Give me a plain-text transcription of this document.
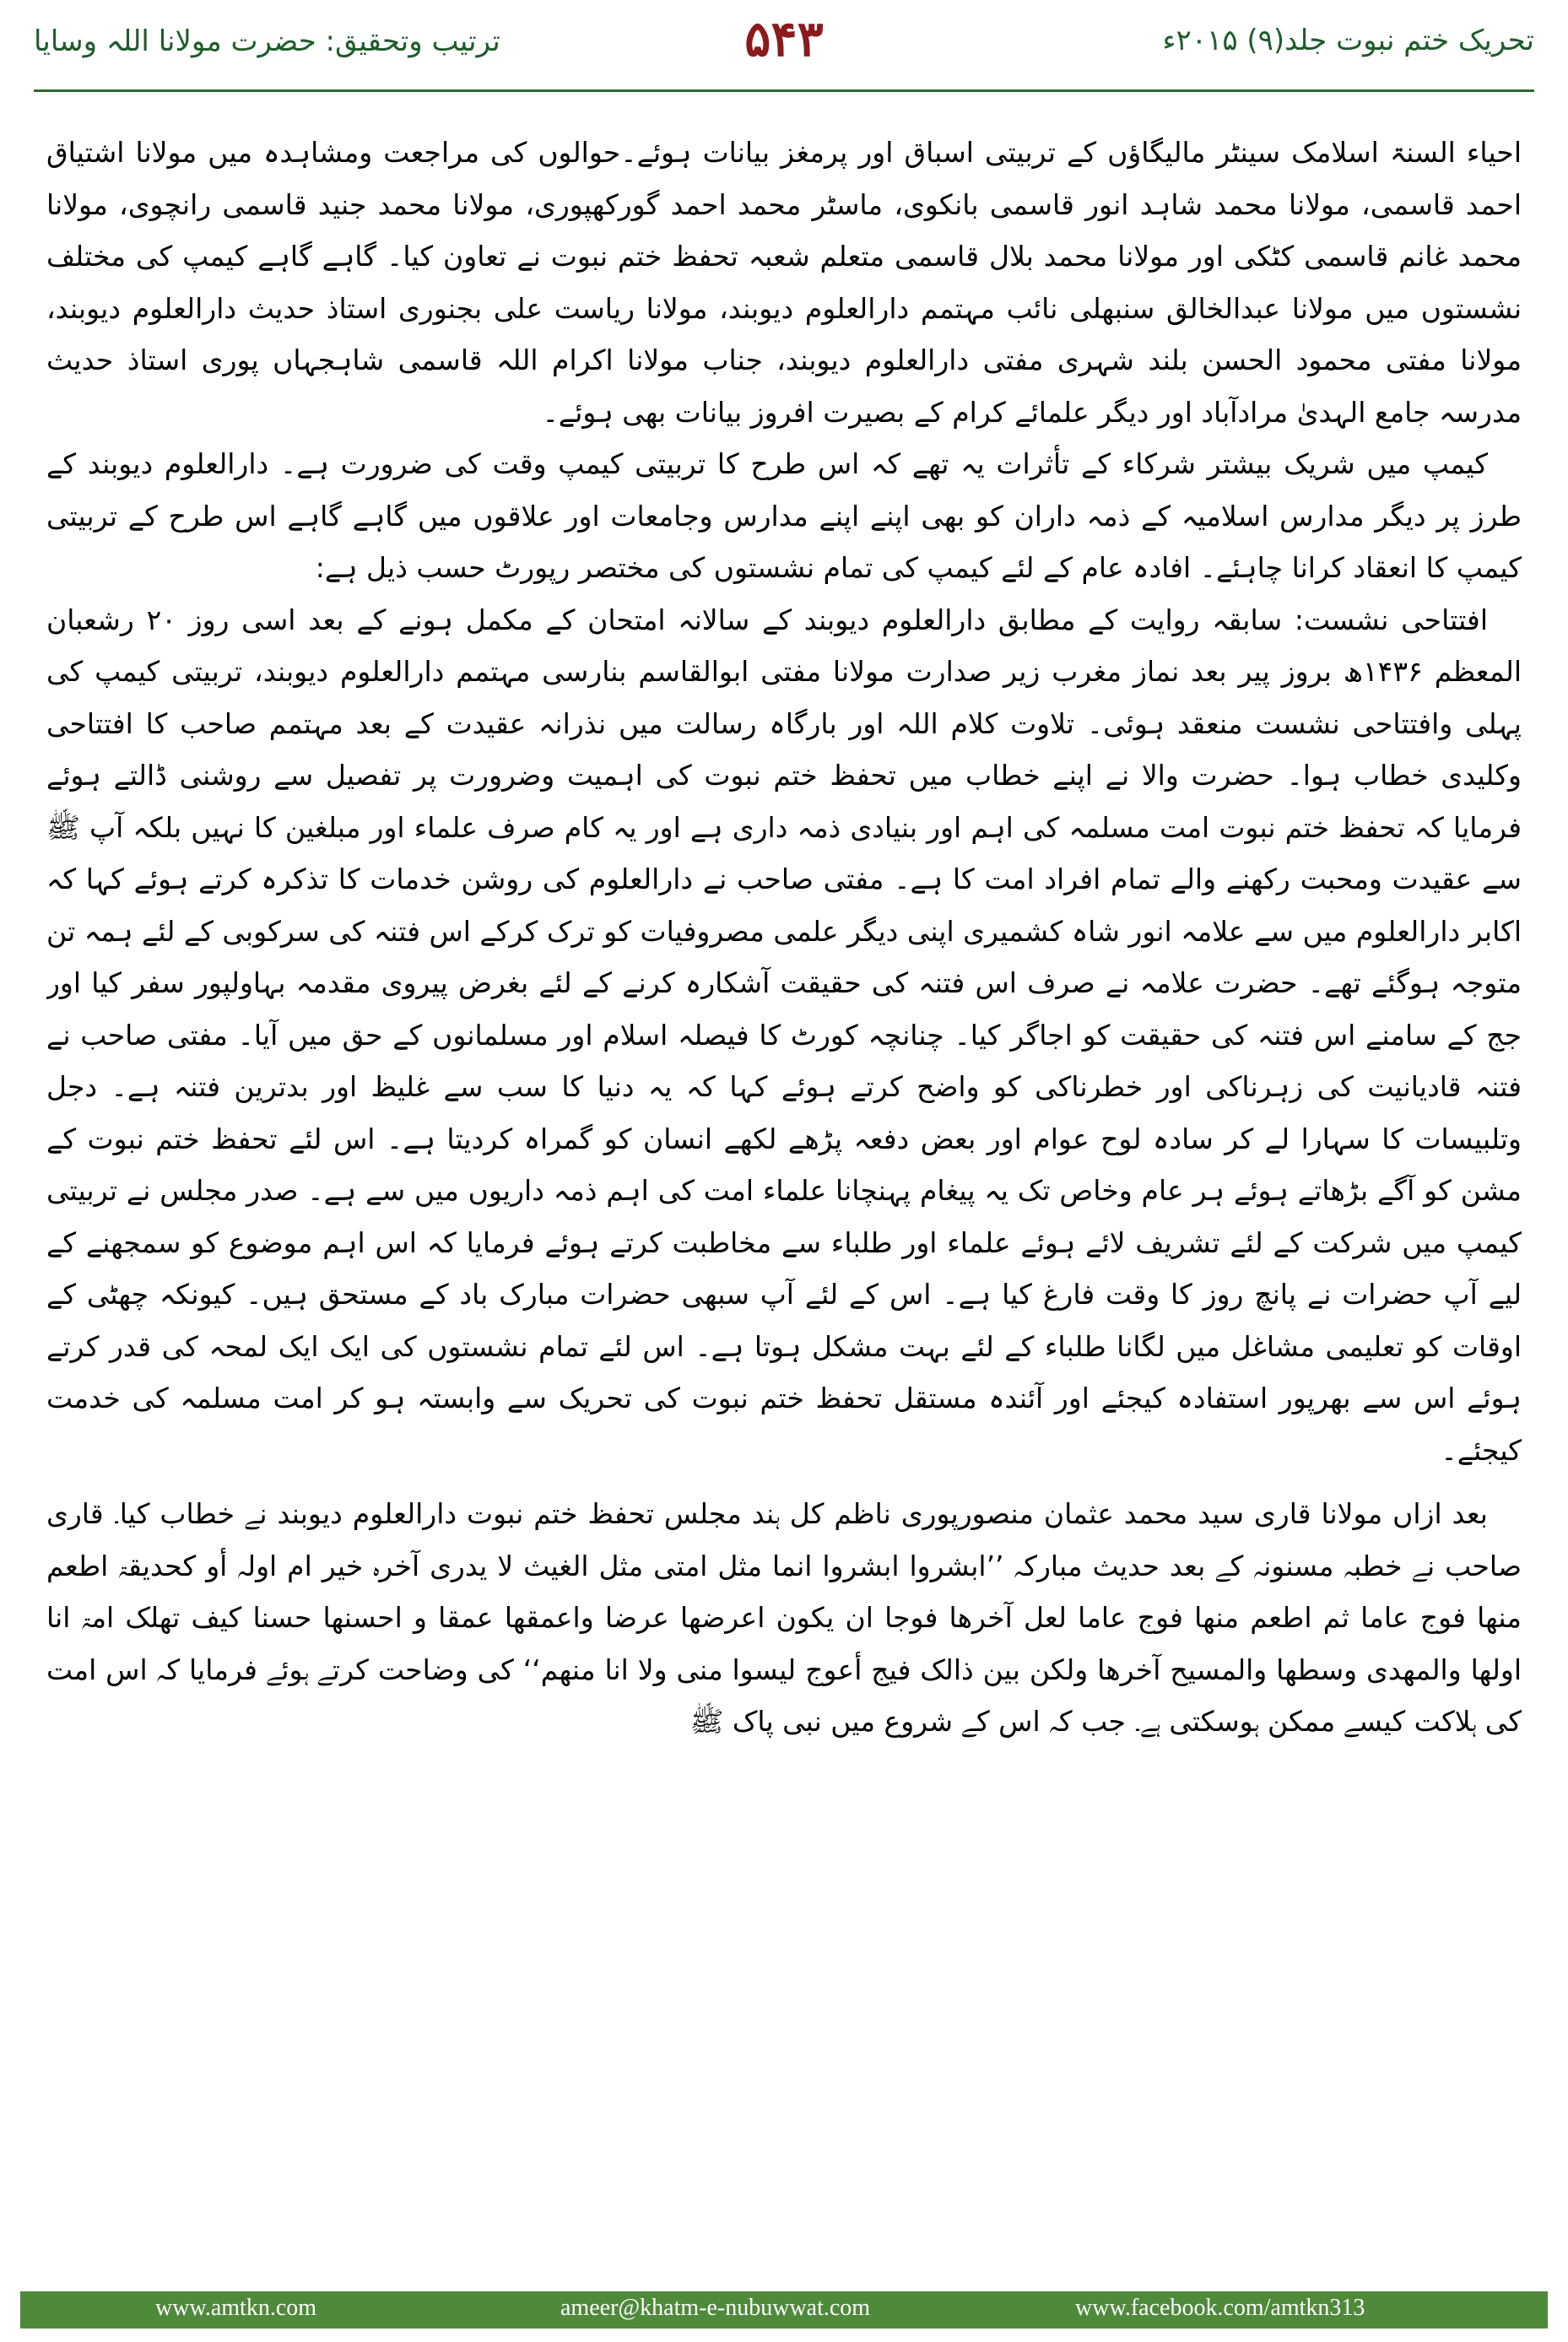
تحریک ختم نبوت جلد(۹) ۲۰۱۵ء
۵۴۳
ترتیب وتحقیق: حضرت مولانا اللہ وسایا

احیاء السنۃ اسلامک سینٹر مالیگاؤں کے تربیتی اسباق اور پرمغز بیانات ہوئے۔حوالوں کی مراجعت ومشاہدہ میں مولانا اشتیاق احمد قاسمی، مولانا محمد شاہد انور قاسمی بانکوی، ماسٹر محمد احمد گورکھپوری، مولانا محمد جنید قاسمی رانچوی، مولانا محمد غانم قاسمی کٹکی اور مولانا محمد بلال قاسمی متعلم شعبہ تحفظ ختم نبوت نے تعاون کیا۔ گاہے گاہے کیمپ کی مختلف نشستوں میں مولانا عبدالخالق سنبھلی نائب مہتمم دارالعلوم دیوبند، مولانا ریاست علی بجنوری استاذ حدیث دارالعلوم دیوبند، مولانا مفتی محمود الحسن بلند شہری مفتی دارالعلوم دیوبند، جناب مولانا اکرام اللہ قاسمی شاہجہاں پوری استاذ حدیث مدرسہ جامع الہدیٰ مرادآباد اور دیگر علمائے کرام کے بصیرت افروز بیانات بھی ہوئے۔

کیمپ میں شریک بیشتر شرکاء کے تأثرات یہ تھے کہ اس طرح کا تربیتی کیمپ وقت کی ضرورت ہے۔ دارالعلوم دیوبند کے طرز پر دیگر مدارس اسلامیہ کے ذمہ داران کو بھی اپنے اپنے مدارس وجامعات اور علاقوں میں گاہے گاہے اس طرح کے تربیتی کیمپ کا انعقاد کرانا چاہئے۔ افادہ عام کے لئے کیمپ کی تمام نشستوں کی مختصر رپورٹ حسب ذیل ہے:

افتتاحی نشست: سابقہ روایت کے مطابق دارالعلوم دیوبند کے سالانہ امتحان کے مکمل ہونے کے بعد اسی روز ۲۰ رشعبان المعظم ۱۴۳۶ھ بروز پیر بعد نماز مغرب زیر صدارت مولانا مفتی ابوالقاسم بنارسی مہتمم دارالعلوم دیوبند، تربیتی کیمپ کی پہلی وافتتاحی نشست منعقد ہوئی۔ تلاوت کلام اللہ اور بارگاہ رسالت میں نذرانہ عقیدت کے بعد مہتمم صاحب کا افتتاحی وکلیدی خطاب ہوا۔ حضرت والا نے اپنے خطاب میں تحفظ ختم نبوت کی اہمیت وضرورت پر تفصیل سے روشنی ڈالتے ہوئے فرمایا کہ تحفظ ختم نبوت امت مسلمہ کی اہم اور بنیادی ذمہ داری ہے اور یہ کام صرف علماء اور مبلغین کا نہیں بلکہ آپ ﷺ سے عقیدت ومحبت رکھنے والے تمام افراد امت کا ہے۔ مفتی صاحب نے دارالعلوم کی روشن خدمات کا تذکرہ کرتے ہوئے کہا کہ اکابر دارالعلوم میں سے علامہ انور شاہ کشمیری اپنی دیگر علمی مصروفیات کو ترک کرکے اس فتنہ کی سرکوبی کے لئے ہمہ تن متوجہ ہوگئے تھے۔ حضرت علامہ نے صرف اس فتنہ کی حقیقت آشکارہ کرنے کے لئے بغرض پیروی مقدمہ بہاولپور سفر کیا اور جج کے سامنے اس فتنہ کی حقیقت کو اجاگر کیا۔ چنانچہ کورٹ کا فیصلہ اسلام اور مسلمانوں کے حق میں آیا۔ مفتی صاحب نے فتنہ قادیانیت کی زہرناکی اور خطرناکی کو واضح کرتے ہوئے کہا کہ یہ دنیا کا سب سے غلیظ اور بدترین فتنہ ہے۔ دجل وتلبیسات کا سہارا لے کر سادہ لوح عوام اور بعض دفعہ پڑھے لکھے انسان کو گمراہ کردیتا ہے۔ اس لئے تحفظ ختم نبوت کے مشن کو آگے بڑھاتے ہوئے ہر عام وخاص تک یہ پیغام پہنچانا علماء امت کی اہم ذمہ داریوں میں سے ہے۔ صدر مجلس نے تربیتی کیمپ میں شرکت کے لئے تشریف لائے ہوئے علماء اور طلباء سے مخاطبت کرتے ہوئے فرمایا کہ اس اہم موضوع کو سمجھنے کے لیے آپ حضرات نے پانچ روز کا وقت فارغ کیا ہے۔ اس کے لئے آپ سبھی حضرات مبارک باد کے مستحق ہیں۔ کیونکہ چھٹی کے اوقات کو تعلیمی مشاغل میں لگانا طلباء کے لئے بہت مشکل ہوتا ہے۔ اس لئے تمام نشستوں کی ایک ایک لمحہ کی قدر کرتے ہوئے اس سے بھرپور استفادہ کیجئے اور آئندہ مستقل تحفظ ختم نبوت کی تحریک سے وابستہ ہو کر امت مسلمہ کی خدمت کیجئے۔

بعد ازاں مولانا قاری سید محمد عثمان منصورپوری ناظم کل ہند مجلس تحفظ ختم نبوت دارالعلوم دیوبند نے خطاب کیا۔ قاری صاحب نے خطبہ مسنونہ کے بعد حدیث مبارکہ ’’ابشروا ابشروا انما مثل امتی مثل الغیث لا یدری آخرہ خیر ام اولہ أو کحدیقۃ اطعم منھا فوج عاما ثم اطعم منھا فوج عاما لعل آخرھا فوجا ان یکون اعرضھا عرضا واعمقھا عمقا و احسنھا حسنا کیف تھلک امۃ انا اولھا والمھدی وسطھا والمسیح آخرھا ولکن بین ذالک فیج أعوج لیسوا منی ولا انا منھم‘‘ کی وضاحت کرتے ہوئے فرمایا کہ اس امت کی ہلاکت کیسے ممکن ہوسکتی ہے۔ جب کہ اس کے شروع میں نبی پاک ﷺ

www.amtkn.com	ameer@khatm-e-nubuwwat.com	www.facebook.com/amtkn313
